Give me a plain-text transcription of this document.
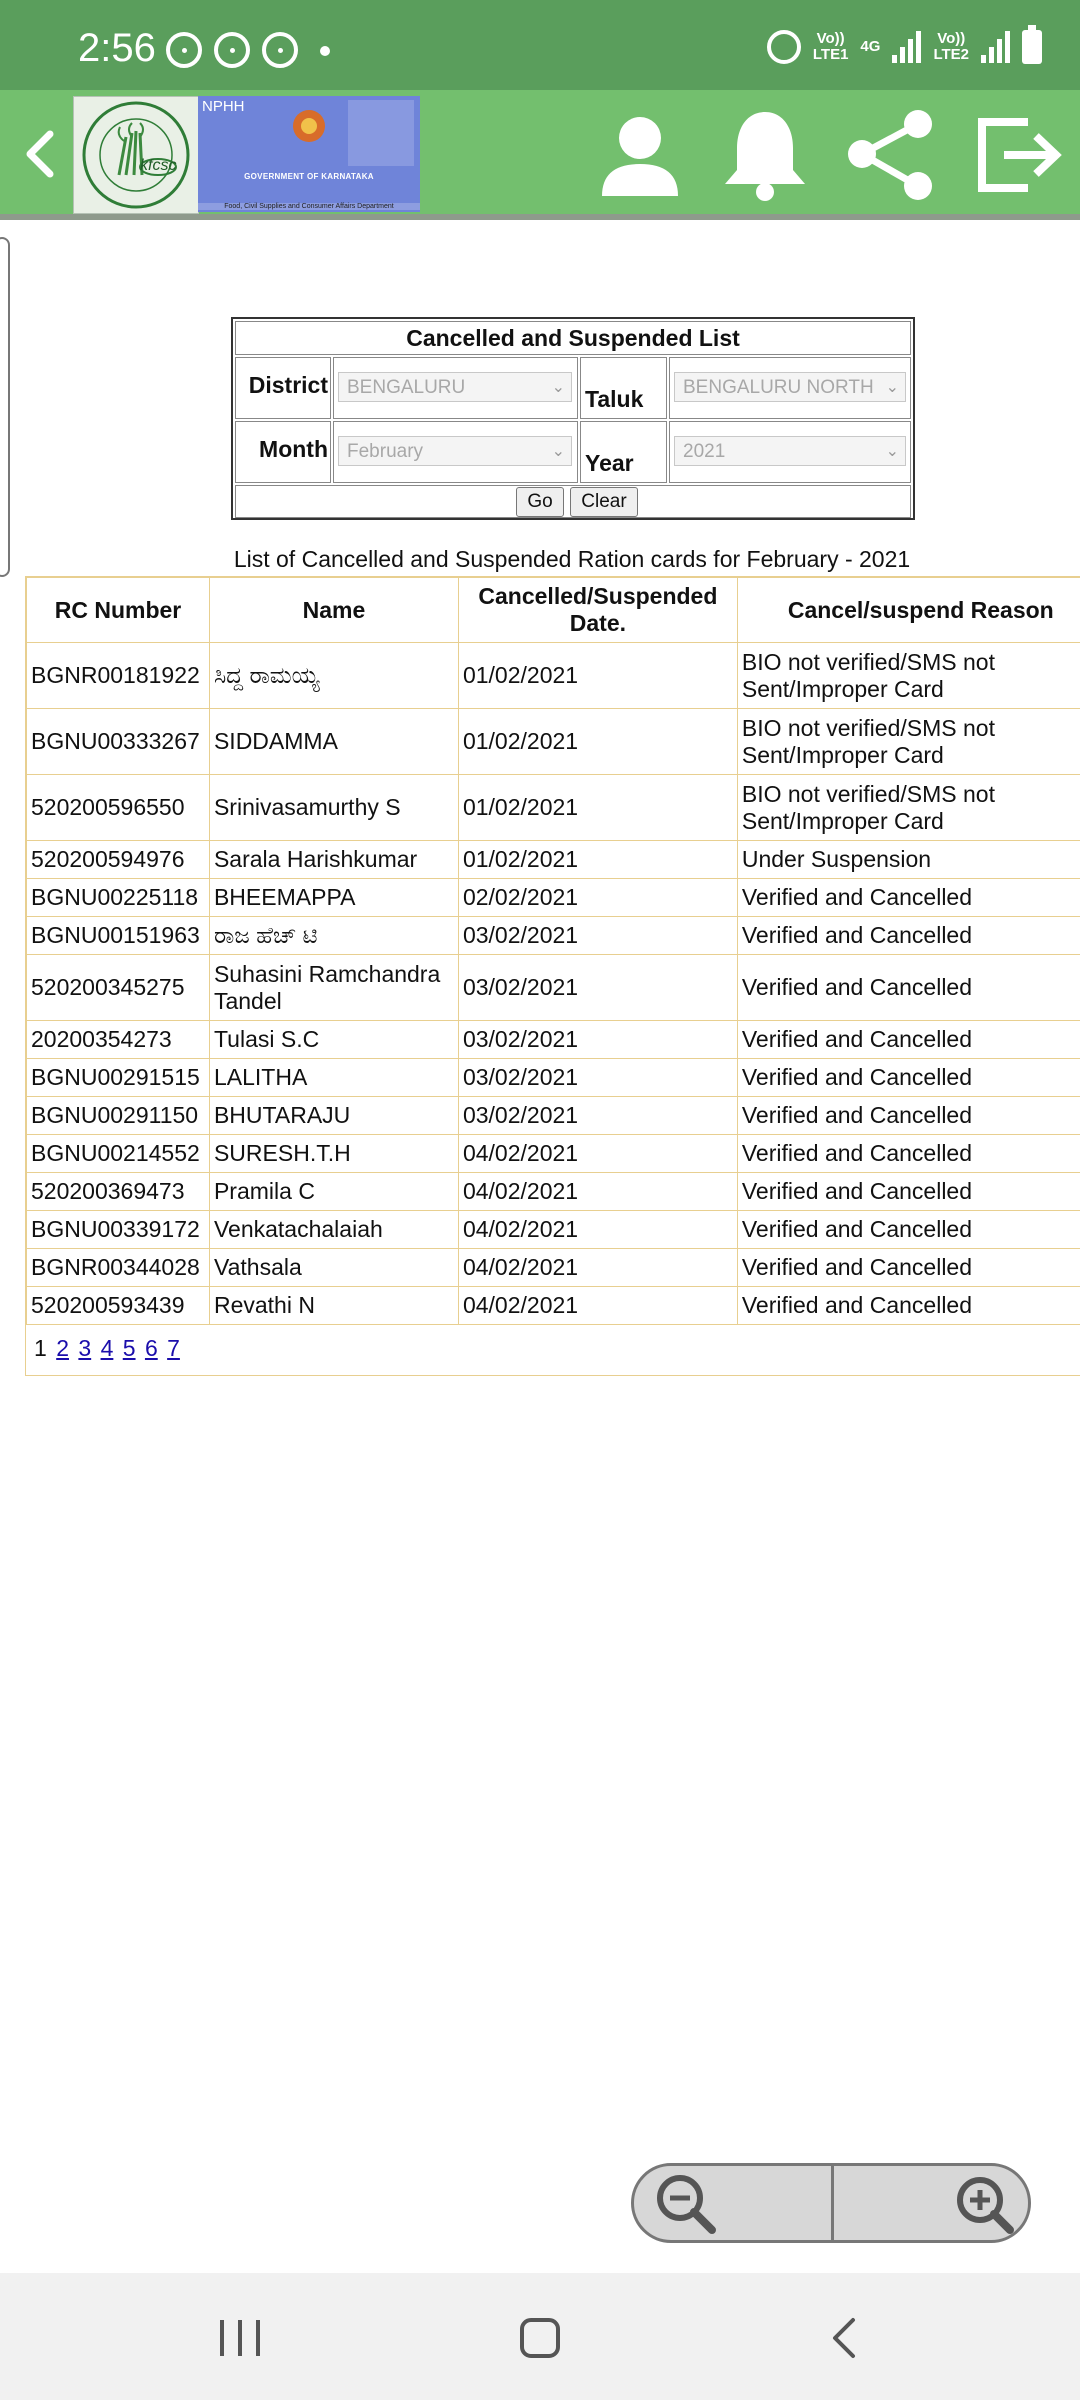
2:56	Vo))
LTE1 4G	Vo))
LTE2
kfcsc
NPHH
GOVERNMENT OF KARNATAKA
Food, Civil Supplies and Consumer Affairs Department
Cancelled and Suspended List
District	BENGALURU	⌄ Taluk	BENGALURU NORTH ⌄
Month	February	⌄ Year	2021	⌄
Go	Clear
List of Cancelled and Suspended Ration cards for February - 2021
RC Number	Name	Cancelled/Suspended Date.	Cancel/suspend Reason
BGNR00181922	ಸಿದ್ದ ರಾಮಯ್ಯ	01/02/2021	BIO not verified/SMS not Sent/Improper Card
BGNU00333267	SIDDAMMA	01/02/2021	BIO not verified/SMS not Sent/Improper Card
520200596550	Srinivasamurthy S	01/02/2021	BIO not verified/SMS not Sent/Improper Card
520200594976	Sarala Harishkumar	01/02/2021	Under Suspension
BGNU00225118	BHEEMAPPA	02/02/2021	Verified and Cancelled
BGNU00151963	ರಾಜ ಹೆಚ್ ಟಿ	03/02/2021	Verified and Cancelled
520200345275	Suhasini Ramchandra Tandel	03/02/2021	Verified and Cancelled
20200354273	Tulasi S.C	03/02/2021	Verified and Cancelled
BGNU00291515	LALITHA	03/02/2021	Verified and Cancelled
BGNU00291150	BHUTARAJU	03/02/2021	Verified and Cancelled
BGNU00214552	SURESH.T.H	04/02/2021	Verified and Cancelled
520200369473	Pramila C	04/02/2021	Verified and Cancelled
BGNU00339172	Venkatachalaiah	04/02/2021	Verified and Cancelled
BGNR00344028	Vathsala	04/02/2021	Verified and Cancelled
520200593439	Revathi N	04/02/2021	Verified and Cancelled
1 2 3 4 5 6 7
